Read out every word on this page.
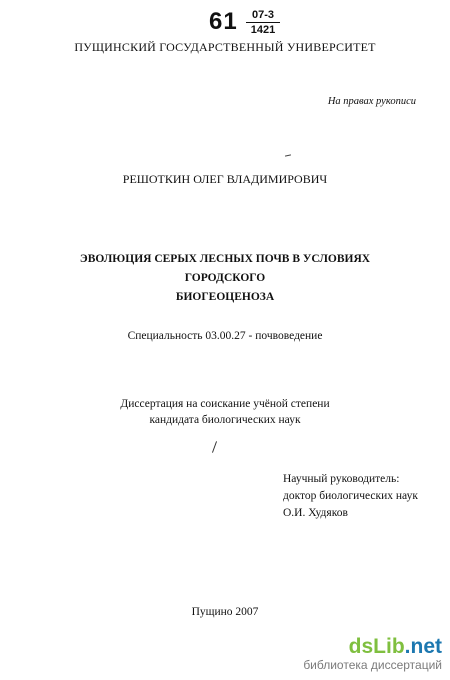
$61 \frac{07-3}{1421}$
ПУЩИНСКИЙ ГОСУДАРСТВЕННЫЙ УНИВЕРСИТЕТ
На правах рукописи
РЕШОТКИН ОЛЕГ ВЛАДИМИРОВИЧ
ЭВОЛЮЦИЯ СЕРЫХ ЛЕСНЫХ ПОЧВ В УСЛОВИЯХ ГОРОДСКОГО
БИОГЕОЦЕНОЗА
Специальность 03.00.27 - почвоведение
Диссертация на соискание учёной степени
кандидата биологических наук
Научный руководитель:
доктор биологических наук
О.И. Худяков
Пущино 2007
dsLib.net
библиотека диссертаций
